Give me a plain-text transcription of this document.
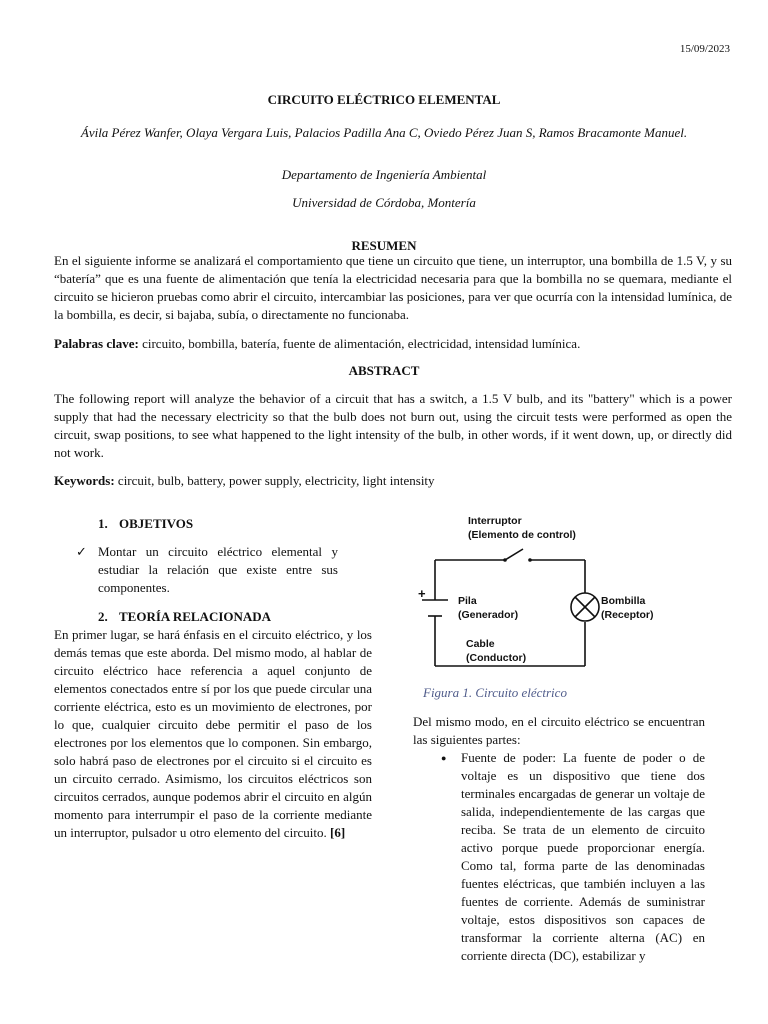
15/09/2023
CIRCUITO ELÉCTRICO ELEMENTAL
Ávila Pérez Wanfer, Olaya Vergara Luis, Palacios Padilla Ana C, Oviedo Pérez Juan S, Ramos Bracamonte Manuel.
Departamento de Ingeniería Ambiental
Universidad de Córdoba, Montería
RESUMEN
En el siguiente informe se analizará el comportamiento que tiene un circuito que tiene, un interruptor, una bombilla de 1.5 V, y su “batería” que es una fuente de alimentación que tenía la electricidad necesaria para que la bombilla no se quemara, mediante el circuito se hicieron pruebas como abrir el circuito, intercambiar las posiciones, para ver que ocurría con la intensidad lumínica, de la bombilla, es decir, si bajaba, subía, o directamente no funcionaba.
Palabras clave: circuito, bombilla, batería, fuente de alimentación, electricidad, intensidad lumínica.
ABSTRACT
The following report will analyze the behavior of a circuit that has a switch, a 1.5 V bulb, and its "battery" which is a power supply that had the necessary electricity so that the bulb does not burn out, using the circuit tests were performed as open the circuit, swap positions, to see what happened to the light intensity of the bulb, in other words, if it went down, up, or directly did not work.
Keywords: circuit, bulb, battery, power supply, electricity, light intensity
1. OBJETIVOS
✓ Montar un circuito eléctrico elemental y estudiar la relación que existe entre sus componentes.
2. TEORÍA RELACIONADA
En primer lugar, se hará énfasis en el circuito eléctrico, y los demás temas que este aborda. Del mismo modo, al hablar de circuito eléctrico hace referencia a aquel conjunto de elementos conectados entre sí por los que puede circular una corriente eléctrica, esto es un movimiento de electrones, por lo que, cualquier circuito debe permitir el paso de los electrones por los elementos que lo componen. Sin embargo, solo habrá paso de electrones por el circuito si el circuito es un circuito cerrado. Asimismo, los circuitos eléctricos son circuitos cerrados, aunque podemos abrir el circuito en algún momento para interrumpir el paso de la corriente mediante un interruptor, pulsador u otro elemento del circuito. [6]
Interruptor
(Elemento de control)
+	Pila
(Generador)
Bombilla
(Receptor)
Cable
(Conductor)
Figura 1. Circuito eléctrico
Del mismo modo, en el circuito eléctrico se encuentran las siguientes partes:
●	Fuente de poder: La fuente de poder o de voltaje es un dispositivo que tiene dos terminales encargadas de generar un voltaje de salida, independientemente de las cargas que reciba. Se trata de un elemento de circuito activo porque puede proporcionar energía. Como tal, forma parte de las denominadas fuentes eléctricas, que también incluyen a las fuentes de corriente. Además de suministrar voltaje, estos dispositivos son capaces de transformar la corriente alterna (AC) en corriente directa (DC), estabilizar y
